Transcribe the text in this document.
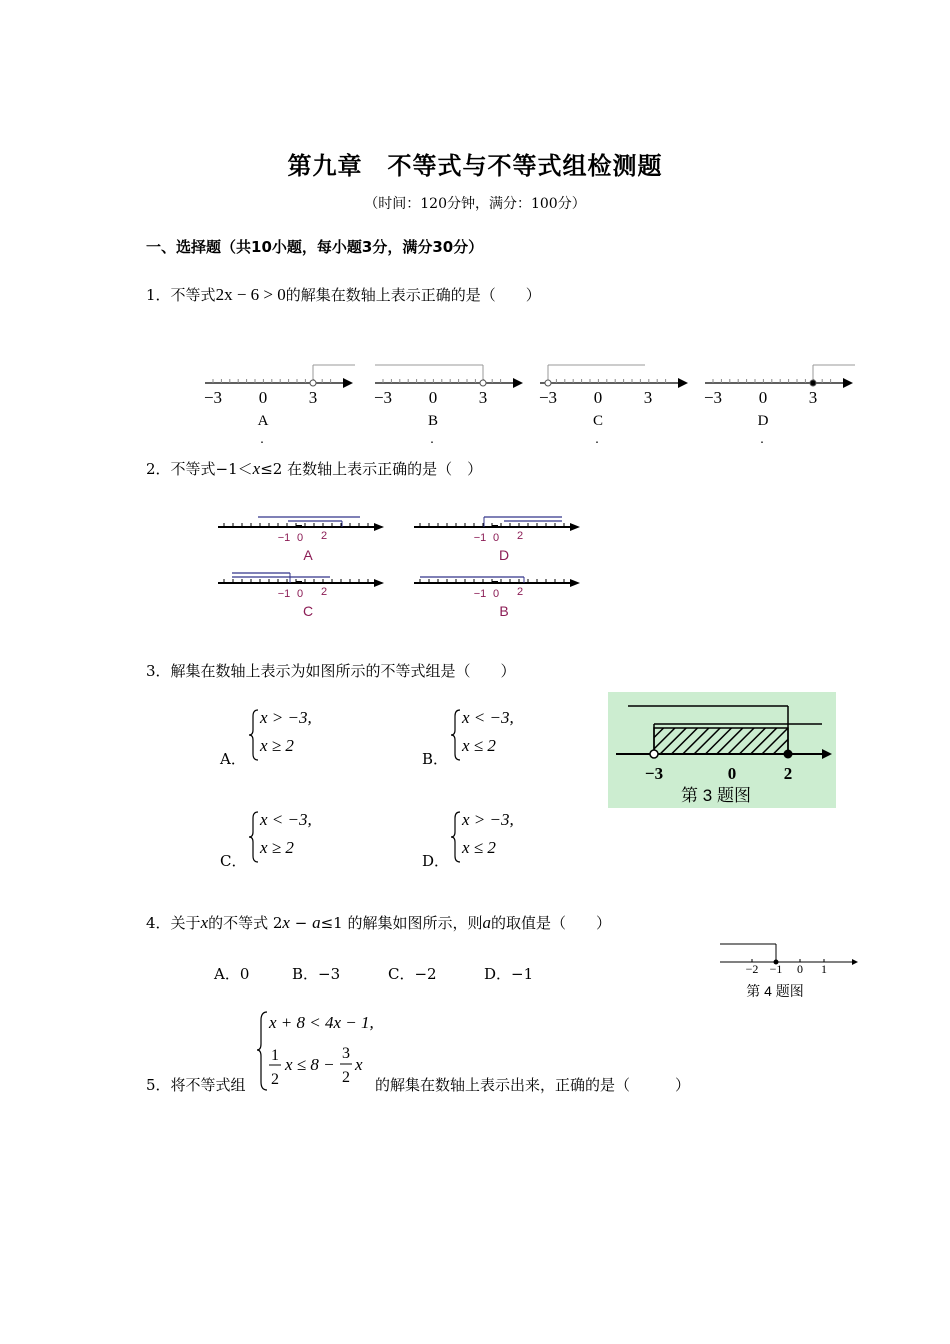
第九章　不等式与不等式组检测题
（时间：120分钟，满分：100分）
一、选择题（共10小题，每小题3分，满分30分）
1．不等式2x − 6 > 0的解集在数轴上表示正确的是（　　）
−3 0 3
A
.
−3 0 3
B
.
−3 0 3
C
.
−3 0 3
D
.
2．不等式−1＜x≤2 在数轴上表示正确的是（　）
−1 0 2
A
−1 0 2
D
−1 0 2
C
−1 0 2
B
3．解集在数轴上表示为如图所示的不等式组是（　　）
A．
x > −3,
x ≥ 2
B．
x < −3,
x ≤ 2
C．
x < −3,
x ≥ 2
D．
x > −3,
x ≤ 2
−3	0	2
第 3 题图
4．关于x的不等式 2x − a≤1 的解集如图所示，则a的取值是（　　）
A．0	B．−3	C．−2	D．−1	−2 −1 0 1
第 4 题图
5．将不等式组
x + 8 < 4x − 1,
1
2
x ≤ 8 −
3
2
x
的解集在数轴上表示出来，正确的是（　　　）
